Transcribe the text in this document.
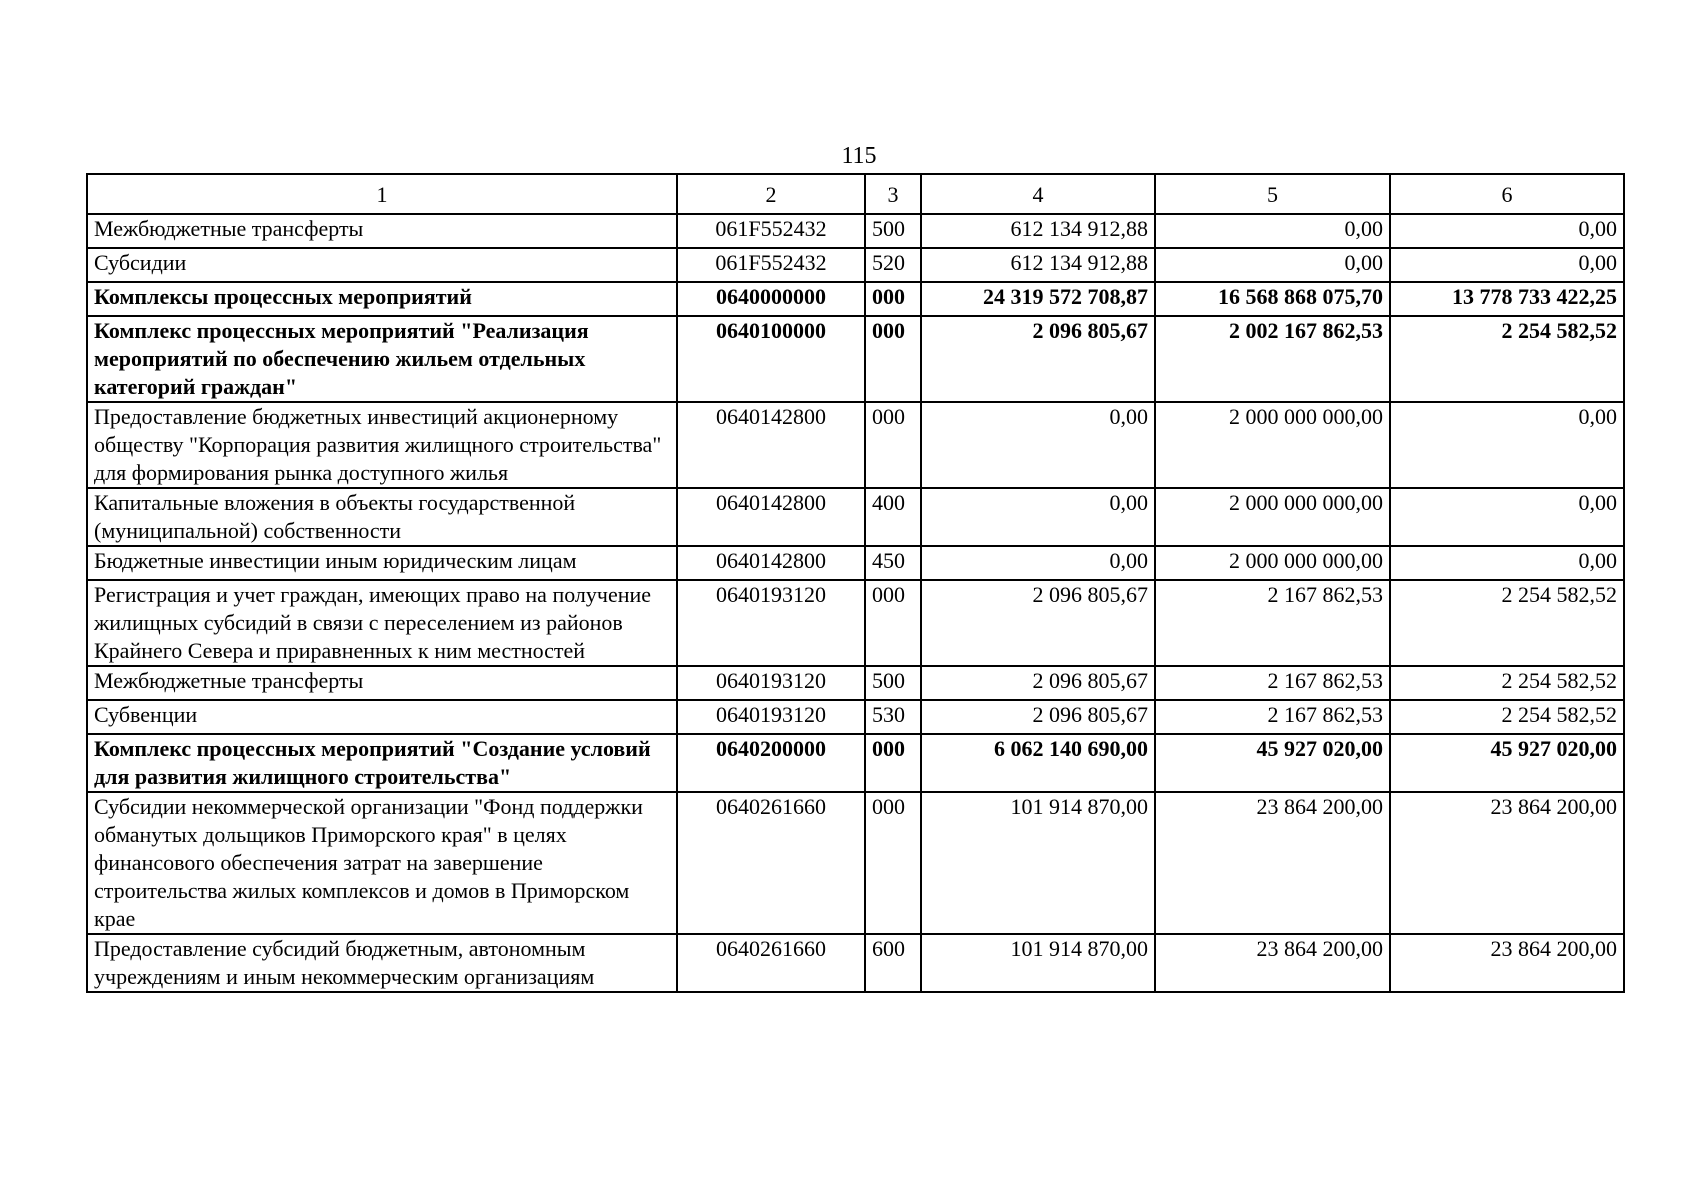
115
1	2	3	4	5	6
Межбюджетные трансферты	061F552432	500	612 134 912,88	0,00	0,00
Субсидии	061F552432	520	612 134 912,88	0,00	0,00
Комплексы процессных мероприятий	0640000000	000	24 319 572 708,87	16 568 868 075,70	13 778 733 422,25
Комплекс процессных мероприятий "Реализация мероприятий по обеспечению жильем отдельных категорий граждан"	0640100000	000	2 096 805,67	2 002 167 862,53	2 254 582,52
Предоставление бюджетных инвестиций акционерному обществу "Корпорация развития жилищного строительства" для формирования рынка доступного жилья	0640142800	000	0,00	2 000 000 000,00	0,00
Капитальные вложения в объекты государственной (муниципальной) собственности	0640142800	400	0,00	2 000 000 000,00	0,00
Бюджетные инвестиции иным юридическим лицам	0640142800	450	0,00	2 000 000 000,00	0,00
Регистрация и учет граждан, имеющих право на получение жилищных субсидий в связи с переселением из районов Крайнего Севера и приравненных к ним местностей	0640193120	000	2 096 805,67	2 167 862,53	2 254 582,52
Межбюджетные трансферты	0640193120	500	2 096 805,67	2 167 862,53	2 254 582,52
Субвенции	0640193120	530	2 096 805,67	2 167 862,53	2 254 582,52
Комплекс процессных мероприятий "Создание условий для развития жилищного строительства"	0640200000	000	6 062 140 690,00	45 927 020,00	45 927 020,00
Субсидии некоммерческой организации "Фонд поддержки обманутых дольщиков Приморского края" в целях финансового обеспечения затрат на завершение строительства жилых комплексов и домов в Приморском крае	0640261660	000	101 914 870,00	23 864 200,00	23 864 200,00
Предоставление субсидий бюджетным, автономным учреждениям и иным некоммерческим организациям	0640261660	600	101 914 870,00	23 864 200,00	23 864 200,00
